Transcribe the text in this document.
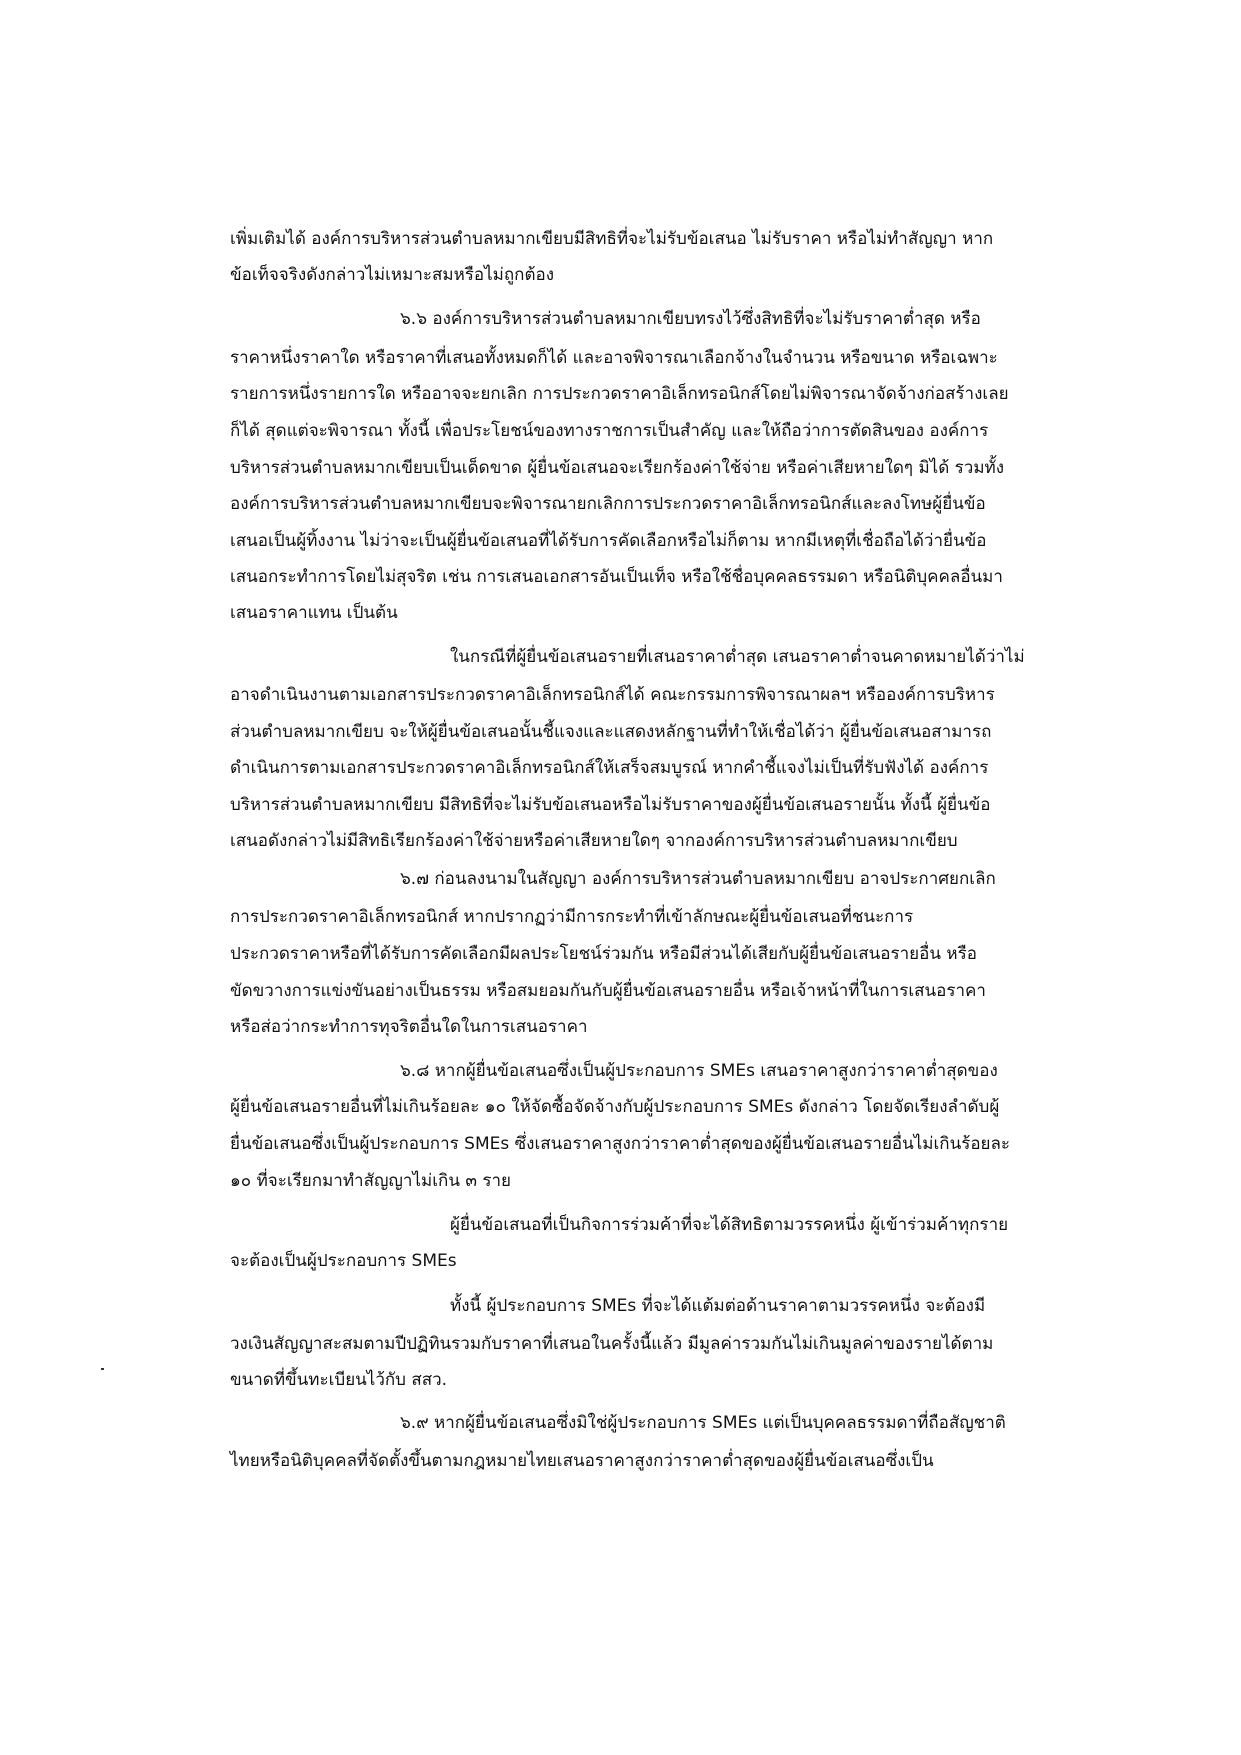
เพิ่มเติมได้ องค์การบริหารส่วนตำบลหมากเขียบมีสิทธิที่จะไม่รับข้อเสนอ ไม่รับราคา หรือไม่ทำสัญญา หาก
ข้อเท็จจริงดังกล่าวไม่เหมาะสมหรือไม่ถูกต้อง
๖.๖ องค์การบริหารส่วนตำบลหมากเขียบทรงไว้ซึ่งสิทธิที่จะไม่รับราคาต่ำสุด หรือ
ราคาหนึ่งราคาใด หรือราคาที่เสนอทั้งหมดก็ได้ และอาจพิจารณาเลือกจ้างในจำนวน หรือขนาด หรือเฉพาะ
รายการหนึ่งรายการใด หรืออาจจะยกเลิก การประกวดราคาอิเล็กทรอนิกส์โดยไม่พิจารณาจัดจ้างก่อสร้างเลย
ก็ได้ สุดแต่จะพิจารณา ทั้งนี้ เพื่อประโยชน์ของทางราชการเป็นสำคัญ และให้ถือว่าการตัดสินของ องค์การ
บริหารส่วนตำบลหมากเขียบเป็นเด็ดขาด ผู้ยื่นข้อเสนอจะเรียกร้องค่าใช้จ่าย หรือค่าเสียหายใดๆ มิได้ รวมทั้ง
องค์การบริหารส่วนตำบลหมากเขียบจะพิจารณายกเลิกการประกวดราคาอิเล็กทรอนิกส์และลงโทษผู้ยื่นข้อ
เสนอเป็นผู้ทิ้งงาน ไม่ว่าจะเป็นผู้ยื่นข้อเสนอที่ได้รับการคัดเลือกหรือไม่ก็ตาม หากมีเหตุที่เชื่อถือได้ว่ายื่นข้อ
เสนอกระทำการโดยไม่สุจริต เช่น การเสนอเอกสารอันเป็นเท็จ หรือใช้ชื่อบุคคลธรรมดา หรือนิติบุคคลอื่นมา
เสนอราคาแทน เป็นต้น
ในกรณีที่ผู้ยื่นข้อเสนอรายที่เสนอราคาต่ำสุด เสนอราคาต่ำจนคาดหมายได้ว่าไม่
อาจดำเนินงานตามเอกสารประกวดราคาอิเล็กทรอนิกส์ได้ คณะกรรมการพิจารณาผลฯ หรือองค์การบริหาร
ส่วนตำบลหมากเขียบ จะให้ผู้ยื่นข้อเสนอนั้นชี้แจงและแสดงหลักฐานที่ทำให้เชื่อได้ว่า ผู้ยื่นข้อเสนอสามารถ
ดำเนินการตามเอกสารประกวดราคาอิเล็กทรอนิกส์ให้เสร็จสมบูรณ์ หากคำชี้แจงไม่เป็นที่รับฟังได้ องค์การ
บริหารส่วนตำบลหมากเขียบ มีสิทธิที่จะไม่รับข้อเสนอหรือไม่รับราคาของผู้ยื่นข้อเสนอรายนั้น ทั้งนี้ ผู้ยื่นข้อ
เสนอดังกล่าวไม่มีสิทธิเรียกร้องค่าใช้จ่ายหรือค่าเสียหายใดๆ จากองค์การบริหารส่วนตำบลหมากเขียบ
๖.๗ ก่อนลงนามในสัญญา องค์การบริหารส่วนตำบลหมากเขียบ อาจประกาศยกเลิก
การประกวดราคาอิเล็กทรอนิกส์ หากปรากฏว่ามีการกระทำที่เข้าลักษณะผู้ยื่นข้อเสนอที่ชนะการ
ประกวดราคาหรือที่ได้รับการคัดเลือกมีผลประโยชน์ร่วมกัน หรือมีส่วนได้เสียกับผู้ยื่นข้อเสนอรายอื่น หรือ
ขัดขวางการแข่งขันอย่างเป็นธรรม หรือสมยอมกันกับผู้ยื่นข้อเสนอรายอื่น หรือเจ้าหน้าที่ในการเสนอราคา
หรือส่อว่ากระทำการทุจริตอื่นใดในการเสนอราคา
๖.๘ หากผู้ยื่นข้อเสนอซึ่งเป็นผู้ประกอบการ SMEs เสนอราคาสูงกว่าราคาต่ำสุดของ
ผู้ยื่นข้อเสนอรายอื่นที่ไม่เกินร้อยละ ๑๐ ให้จัดซื้อจัดจ้างกับผู้ประกอบการ SMEs ดังกล่าว โดยจัดเรียงลำดับผู้
ยื่นข้อเสนอซึ่งเป็นผู้ประกอบการ SMEs ซึ่งเสนอราคาสูงกว่าราคาต่ำสุดของผู้ยื่นข้อเสนอรายอื่นไม่เกินร้อยละ
๑๐ ที่จะเรียกมาทำสัญญาไม่เกิน ๓ ราย
ผู้ยื่นข้อเสนอที่เป็นกิจการร่วมค้าที่จะได้สิทธิตามวรรคหนึ่ง ผู้เข้าร่วมค้าทุกราย
จะต้องเป็นผู้ประกอบการ SMEs
ทั้งนี้ ผู้ประกอบการ SMEs ที่จะได้แต้มต่อด้านราคาตามวรรคหนึ่ง จะต้องมี
วงเงินสัญญาสะสมตามปีปฏิทินรวมกับราคาที่เสนอในครั้งนี้แล้ว มีมูลค่ารวมกันไม่เกินมูลค่าของรายได้ตาม
ขนาดที่ขึ้นทะเบียนไว้กับ สสว.
๖.๙ หากผู้ยื่นข้อเสนอซึ่งมิใช่ผู้ประกอบการ SMEs แต่เป็นบุคคลธรรมดาที่ถือสัญชาติ
ไทยหรือนิติบุคคลที่จัดตั้งขึ้นตามกฎหมายไทยเสนอราคาสูงกว่าราคาต่ำสุดของผู้ยื่นข้อเสนอซึ่งเป็น
